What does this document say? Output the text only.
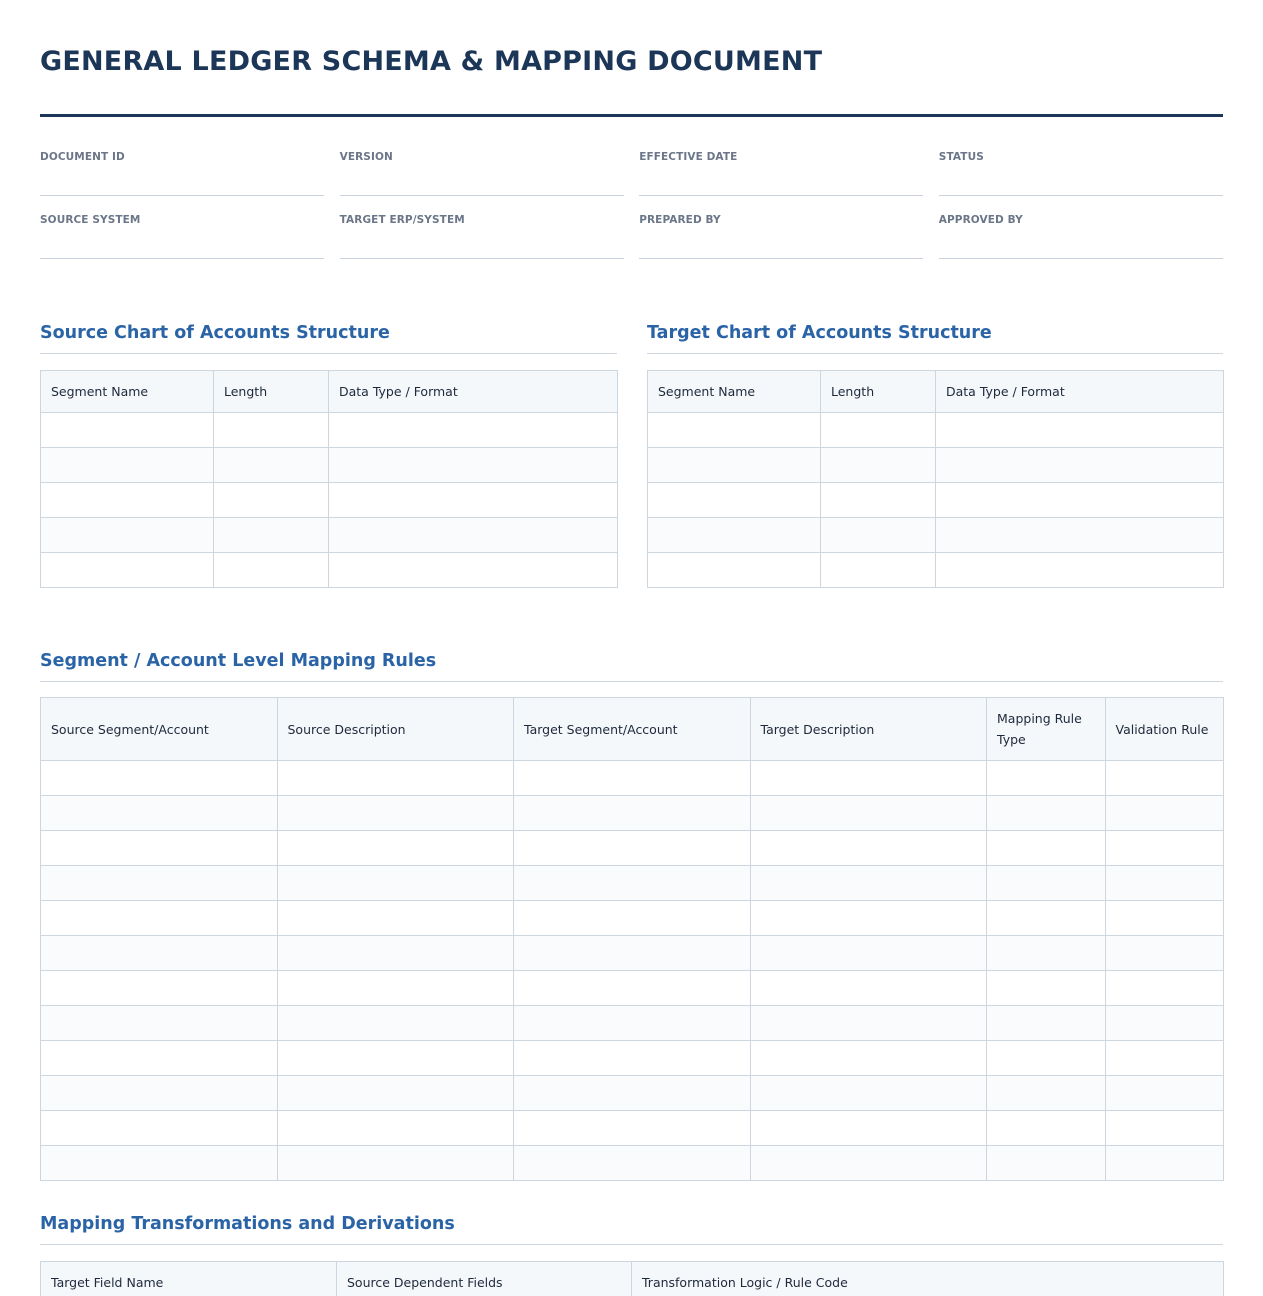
GENERAL LEDGER SCHEMA & MAPPING DOCUMENT
DOCUMENT ID	VERSION	EFFECTIVE DATE	STATUS
SOURCE SYSTEM	TARGET ERP/SYSTEM	PREPARED BY	APPROVED BY
Source Chart of Accounts Structure
Segment Name	Length	Data Type / Format

Target Chart of Accounts Structure
Segment Name	Length	Data Type / Format

Segment / Account Level Mapping Rules
Source Segment/Account	Source Description	Target Segment/Account	Target Description	Mapping Rule Type	Validation Rule

Mapping Transformations and Derivations
Target Field Name	Source Dependent Fields	Transformation Logic / Rule Code
